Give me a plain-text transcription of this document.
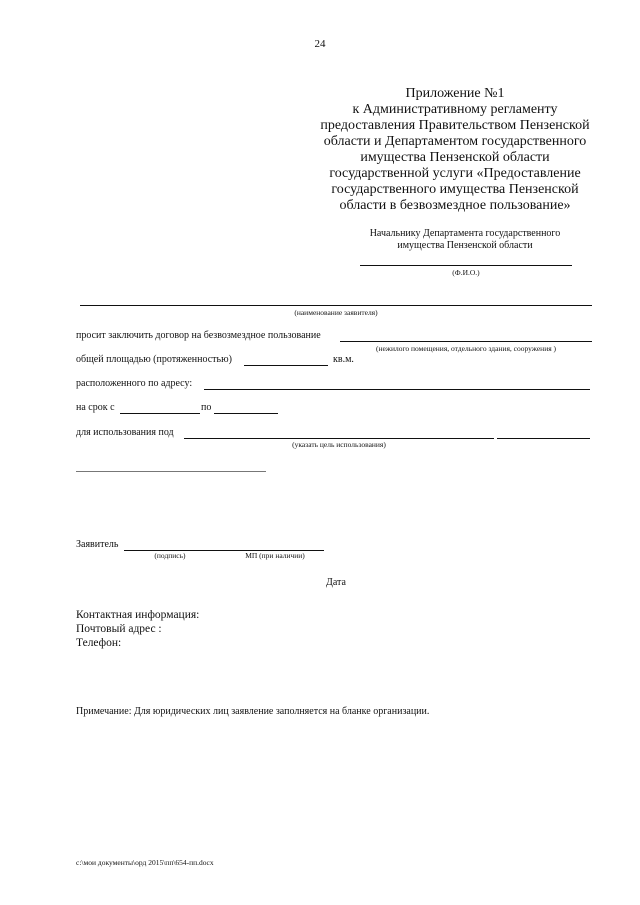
24
Приложение №1
к Административному регламенту
предоставления Правительством Пензенской
области и Департаментом государственного
имущества Пензенской области
государственной услуги «Предоставление
государственного имущества Пензенской
области в безвозмездное пользование»
Начальнику Департамента государственного
имущества Пензенской области
(Ф.И.О.)
(наименование заявителя)
просит заключить договор на безвозмездное пользование
(нежилого помещения, отдельного здания, сооружения )
общей площадью (протяженностью)	кв.м.
расположенного по адресу:
на срок с	по
для использования под
(указать цель использования)
Заявитель
(подпись)	МП (при наличии)
Дата
Контактная информация:
Почтовый адрес :
Телефон:
Примечание: Для юридических лиц заявление заполняется на бланке организации.
c:\мои документы\орд 2015\пп\654-пп.docx
